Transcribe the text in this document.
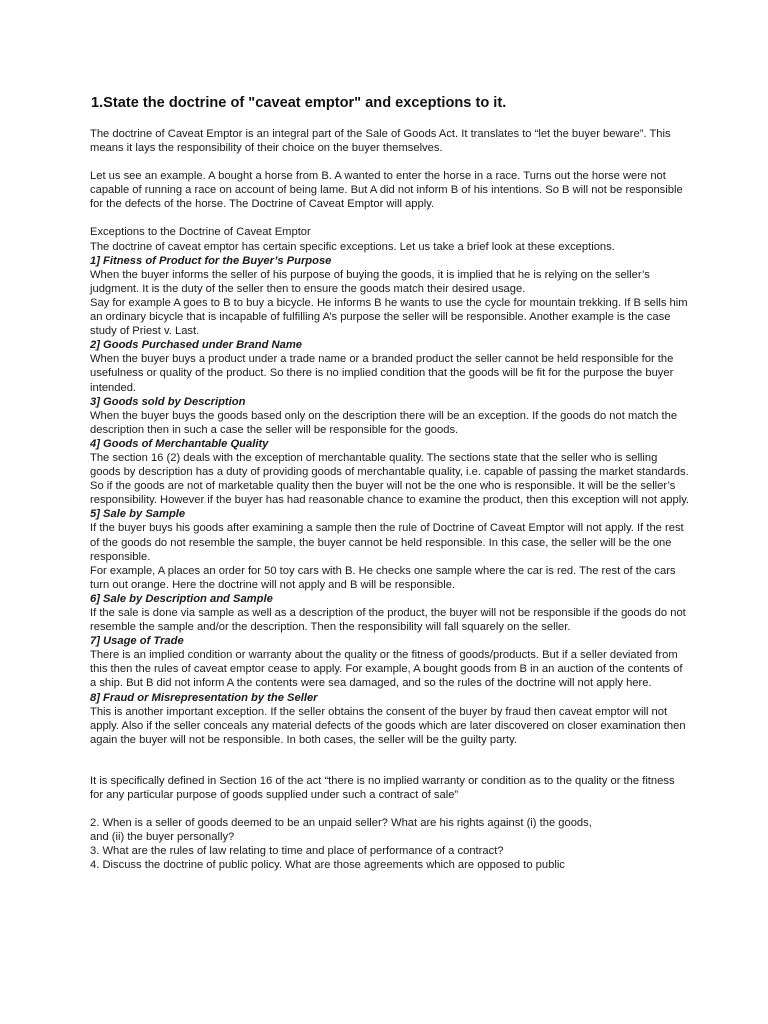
1.State the doctrine of "caveat emptor" and exceptions to it.

The doctrine of Caveat Emptor is an integral part of the Sale of Goods Act. It translates to “let the buyer beware”. This means it lays the responsibility of their choice on the buyer themselves.

Let us see an example. A bought a horse from B. A wanted to enter the horse in a race. Turns out the horse were not capable of running a race on account of being lame. But A did not inform B of his intentions. So B will not be responsible for the defects of the horse. The Doctrine of Caveat Emptor will apply.

Exceptions to the Doctrine of Caveat Emptor

The doctrine of caveat emptor has certain specific exceptions. Let us take a brief look at these exceptions.

1] Fitness of Product for the Buyer’s Purpose

When the buyer informs the seller of his purpose of buying the goods, it is implied that he is relying on the seller’s judgment. It is the duty of the seller then to ensure the goods match their desired usage.

Say for example A goes to B to buy a bicycle. He informs B he wants to use the cycle for mountain trekking. If B sells him an ordinary bicycle that is incapable of fulfilling A’s purpose the seller will be responsible. Another example is the case study of Priest v. Last.

2] Goods Purchased under Brand Name

When the buyer buys a product under a trade name or a branded product the seller cannot be held responsible for the usefulness or quality of the product. So there is no implied condition that the goods will be fit for the purpose the buyer intended.

3] Goods sold by Description

When the buyer buys the goods based only on the description there will be an exception. If the goods do not match the description then in such a case the seller will be responsible for the goods.

4] Goods of Merchantable Quality

The section 16 (2) deals with the exception of merchantable quality. The sections state that the seller who is selling goods by description has a duty of providing goods of merchantable quality, i.e. capable of passing the market standards.

So if the goods are not of marketable quality then the buyer will not be the one who is responsible. It will be the seller’s responsibility. However if the buyer has had reasonable chance to examine the product, then this exception will not apply.

5] Sale by Sample

If the buyer buys his goods after examining a sample then the rule of Doctrine of Caveat Emptor will not apply. If the rest of the goods do not resemble the sample, the buyer cannot be held responsible. In this case, the seller will be the one responsible.

For example, A places an order for 50 toy cars with B. He checks one sample where the car is red. The rest of the cars turn out orange. Here the doctrine will not apply and B will be responsible.

6] Sale by Description and Sample

If the sale is done via sample as well as a description of the product, the buyer will not be responsible if the goods do not resemble the sample and/or the description. Then the responsibility will fall squarely on the seller.

7] Usage of Trade

There is an implied condition or warranty about the quality or the fitness of goods/products. But if a seller deviated from this then the rules of caveat emptor cease to apply. For example, A bought goods from B in an auction of the contents of a ship. But B did not inform A the contents were sea damaged, and so the rules of the doctrine will not apply here.

8] Fraud or Misrepresentation by the Seller

This is another important exception. If the seller obtains the consent of the buyer by fraud then caveat emptor will not apply. Also if the seller conceals any material defects of the goods which are later discovered on closer examination then again the buyer will not be responsible. In both cases, the seller will be the guilty party.

It is specifically defined in Section 16 of the act “there is no implied warranty or condition as to the quality or the fitness for any particular purpose of goods supplied under such a contract of sale”

2. When is a seller of goods deemed to be an unpaid seller? What are his rights against (i) the goods,

and (ii) the buyer personally?

3. What are the rules of law relating to time and place of performance of a contract?

4. Discuss the doctrine of public policy. What are those agreements which are opposed to public
